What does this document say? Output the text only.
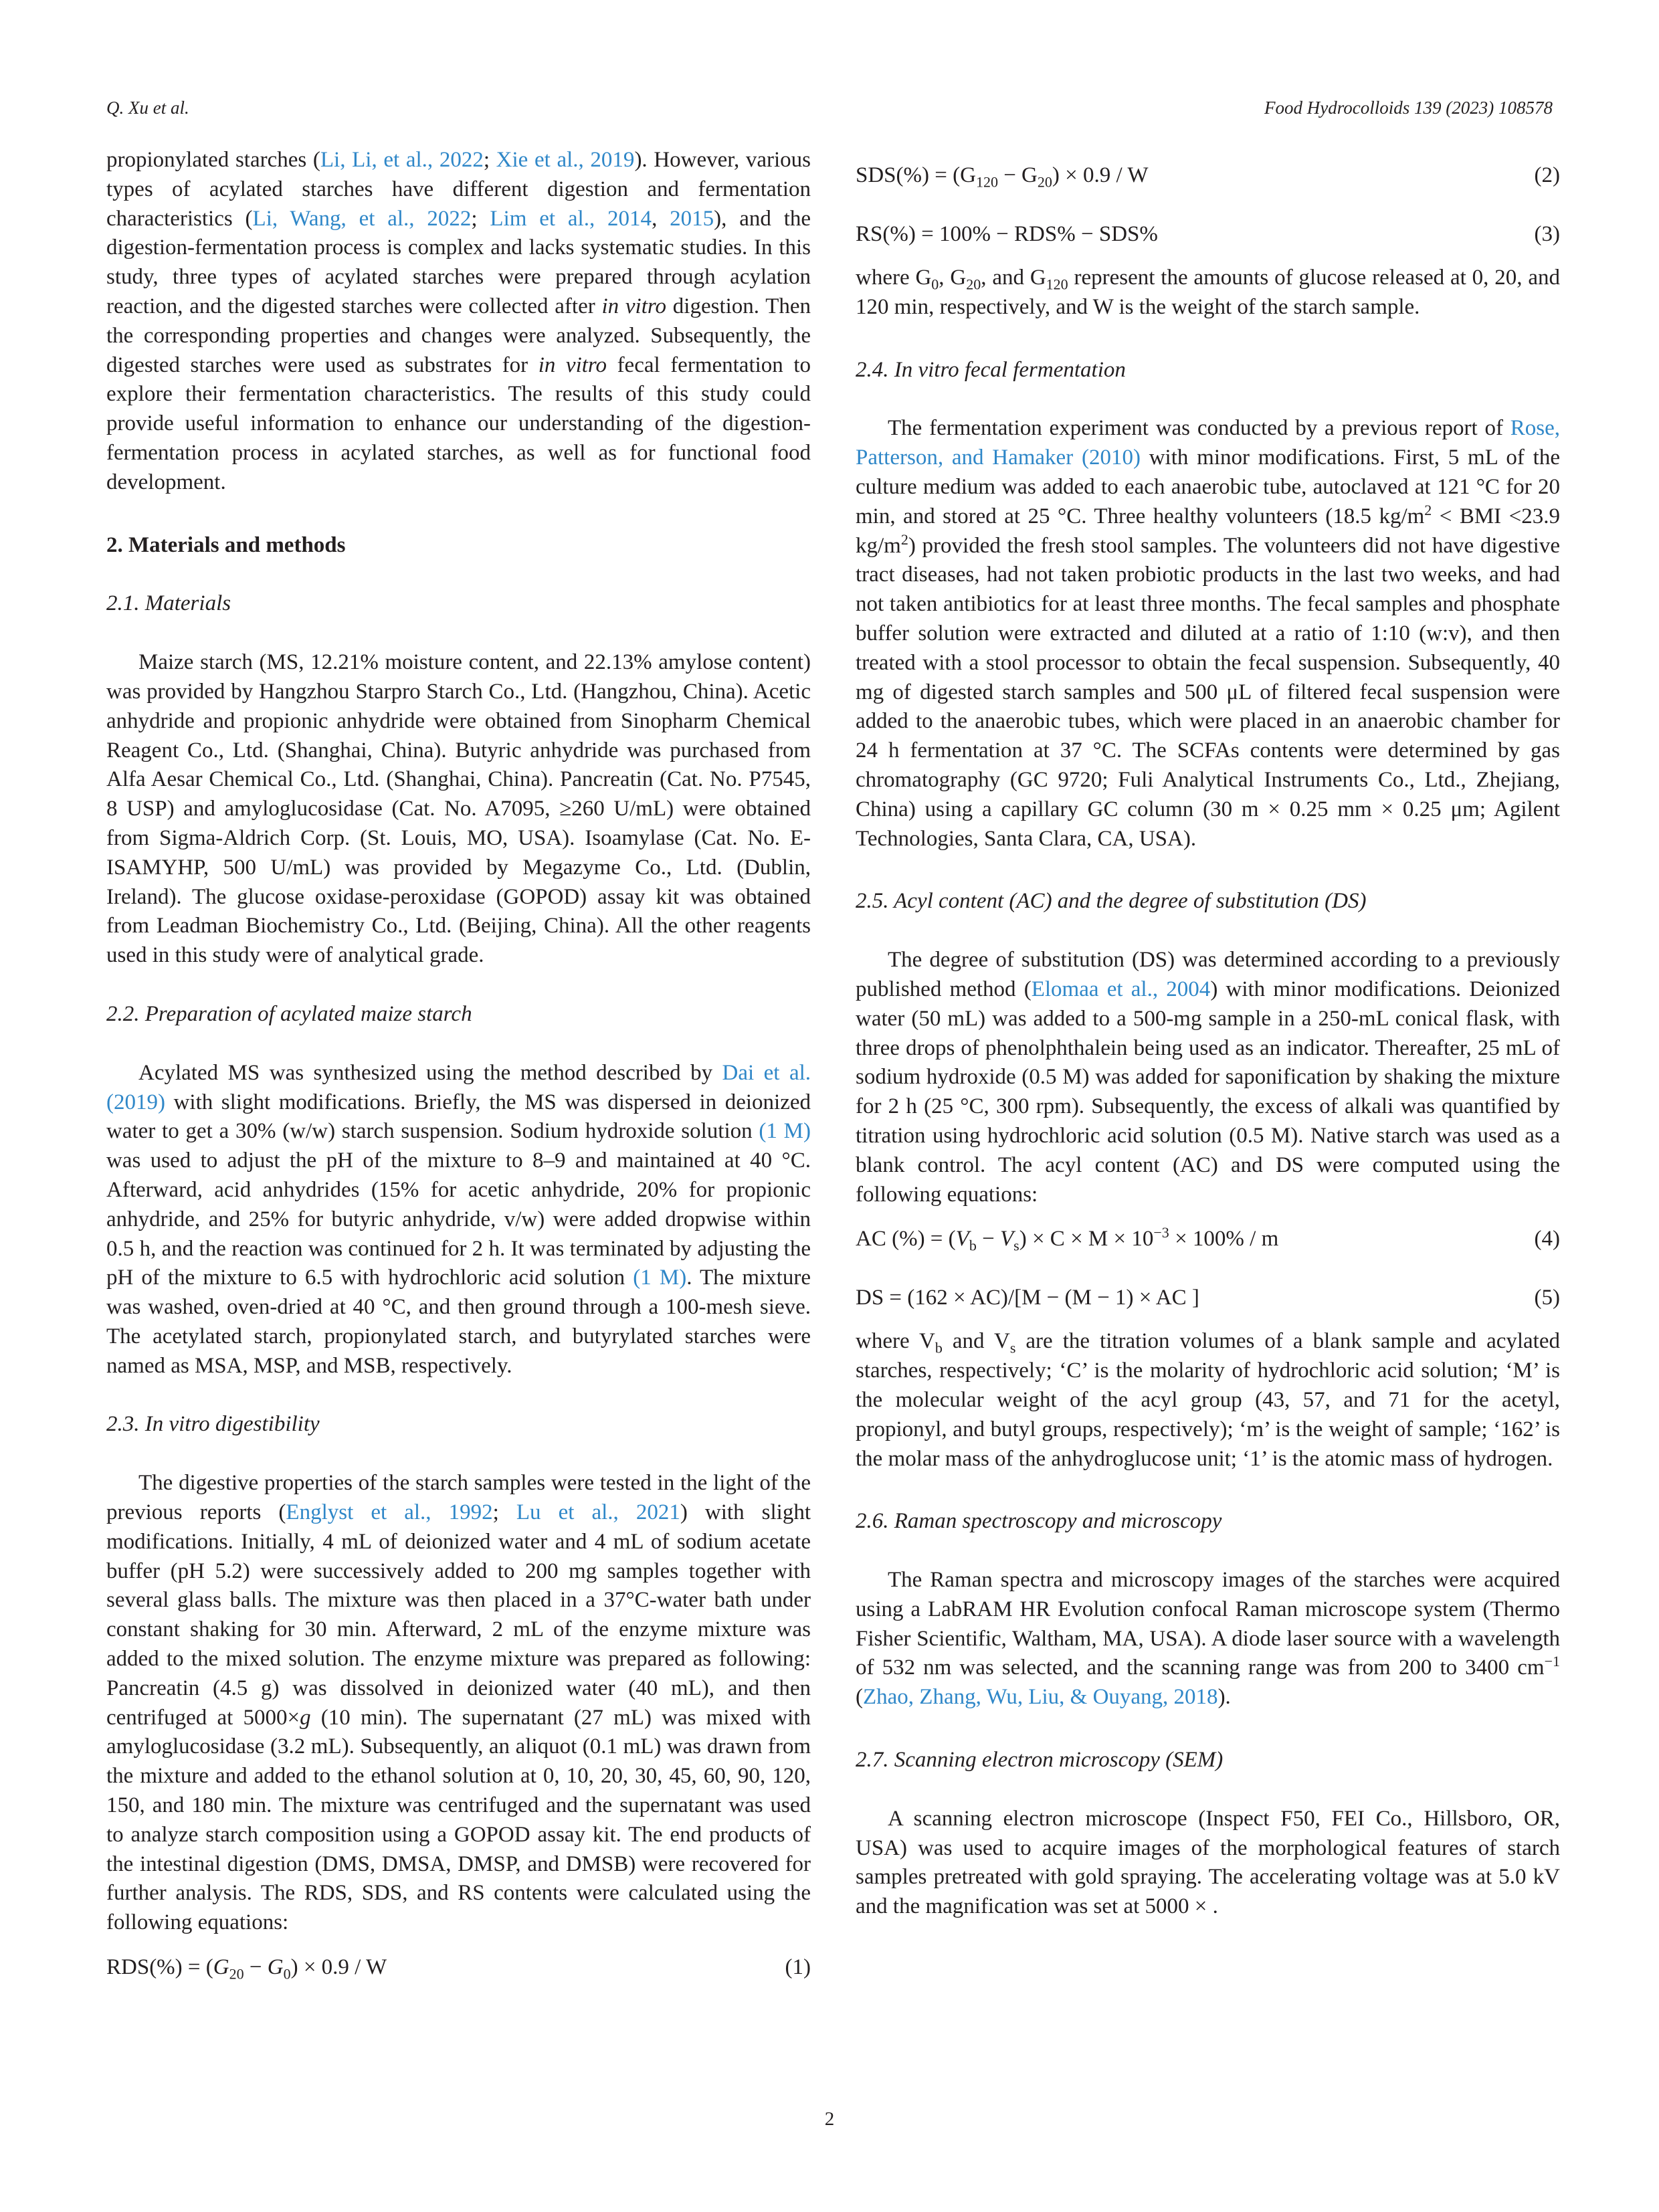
Q. Xu et al.	Food Hydrocolloids 139 (2023) 108578

propionylated starches (Li, Li, et al., 2022; Xie et al., 2019). However, various types of acylated starches have different digestion and fermentation characteristics (Li, Wang, et al., 2022; Lim et al., 2014, 2015), and the digestion-fermentation process is complex and lacks systematic studies. In this study, three types of acylated starches were prepared through acylation reaction, and the digested starches were collected after in vitro digestion. Then the corresponding properties and changes were analyzed. Subsequently, the digested starches were used as substrates for in vitro fecal fermentation to explore their fermentation characteristics. The results of this study could provide useful information to enhance our understanding of the digestion-fermentation process in acylated starches, as well as for functional food development.

2. Materials and methods
2.1. Materials

Maize starch (MS, 12.21% moisture content, and 22.13% amylose content) was provided by Hangzhou Starpro Starch Co., Ltd. (Hangzhou, China). Acetic anhydride and propionic anhydride were obtained from Sinopharm Chemical Reagent Co., Ltd. (Shanghai, China). Butyric anhydride was purchased from Alfa Aesar Chemical Co., Ltd. (Shanghai, China). Pancreatin (Cat. No. P7545, 8 USP) and amyloglucosidase (Cat. No. A7095, ≥260 U/mL) were obtained from Sigma-Aldrich Corp. (St. Louis, MO, USA). Isoamylase (Cat. No. E-ISAMYHP, 500 U/mL) was provided by Megazyme Co., Ltd. (Dublin, Ireland). The glucose oxidase-peroxidase (GOPOD) assay kit was obtained from Leadman Biochemistry Co., Ltd. (Beijing, China). All the other reagents used in this study were of analytical grade.

2.2. Preparation of acylated maize starch

Acylated MS was synthesized using the method described by Dai et al. (2019) with slight modifications. Briefly, the MS was dispersed in deionized water to get a 30% (w/w) starch suspension. Sodium hydroxide solution (1 M) was used to adjust the pH of the mixture to 8–9 and maintained at 40 °C. Afterward, acid anhydrides (15% for acetic anhydride, 20% for propionic anhydride, and 25% for butyric anhydride, v/w) were added dropwise within 0.5 h, and the reaction was continued for 2 h. It was terminated by adjusting the pH of the mixture to 6.5 with hydrochloric acid solution (1 M). The mixture was washed, oven-dried at 40 °C, and then ground through a 100-mesh sieve. The acetylated starch, propionylated starch, and butyrylated starches were named as MSA, MSP, and MSB, respectively.

2.3. In vitro digestibility

The digestive properties of the starch samples were tested in the light of the previous reports (Englyst et al., 1992; Lu et al., 2021) with slight modifications. Initially, 4 mL of deionized water and 4 mL of sodium acetate buffer (pH 5.2) were successively added to 200 mg samples together with several glass balls. The mixture was then placed in a 37°C-water bath under constant shaking for 30 min. Afterward, 2 mL of the enzyme mixture was added to the mixed solution. The enzyme mixture was prepared as following: Pancreatin (4.5 g) was dissolved in deionized water (40 mL), and then centrifuged at 5000×g (10 min). The supernatant (27 mL) was mixed with amyloglucosidase (3.2 mL). Subsequently, an aliquot (0.1 mL) was drawn from the mixture and added to the ethanol solution at 0, 10, 20, 30, 45, 60, 90, 120, 150, and 180 min. The mixture was centrifuged and the supernatant was used to analyze starch composition using a GOPOD assay kit. The end products of the intestinal digestion (DMS, DMSA, DMSP, and DMSB) were recovered for further analysis. The RDS, SDS, and RS contents were calculated using the following equations:

$RDS(\%) = (G_{20} - G_0) \times 0.9 / W$	(1)
$SDS(\%) = (G_{120} - G_{20}) \times 0.9 / W$	(2)
RS(%) = 100% − RDS% − SDS%	(3)

where $G_0$, $G_{20}$, and $G_{120}$ represent the amounts of glucose released at 0, 20, and 120 min, respectively, and W is the weight of the starch sample.

2.4. In vitro fecal fermentation

The fermentation experiment was conducted by a previous report of Rose, Patterson, and Hamaker (2010) with minor modifications. First, 5 mL of the culture medium was added to each anaerobic tube, autoclaved at 121 °C for 20 min, and stored at 25 °C. Three healthy volunteers (18.5 $kg/m^2$ < BMI <23.9 $kg/m^2$) provided the fresh stool samples. The volunteers did not have digestive tract diseases, had not taken probiotic products in the last two weeks, and had not taken antibiotics for at least three months. The fecal samples and phosphate buffer solution were extracted and diluted at a ratio of 1:10 (w:v), and then treated with a stool processor to obtain the fecal suspension. Subsequently, 40 mg of digested starch samples and 500 μL of filtered fecal suspension were added to the anaerobic tubes, which were placed in an anaerobic chamber for 24 h fermentation at 37 °C. The SCFAs contents were determined by gas chromatography (GC 9720; Fuli Analytical Instruments Co., Ltd., Zhejiang, China) using a capillary GC column (30 m × 0.25 mm × 0.25 μm; Agilent Technologies, Santa Clara, CA, USA).

2.5. Acyl content (AC) and the degree of substitution (DS)

The degree of substitution (DS) was determined according to a previously published method (Elomaa et al., 2004) with minor modifications. Deionized water (50 mL) was added to a 500-mg sample in a 250-mL conical flask, with three drops of phenolphthalein being used as an indicator. Thereafter, 25 mL of sodium hydroxide (0.5 M) was added for saponification by shaking the mixture for 2 h (25 °C, 300 rpm). Subsequently, the excess of alkali was quantified by titration using hydrochloric acid solution (0.5 M). Native starch was used as a blank control. The acyl content (AC) and DS were computed using the following equations:

AC (%) = $(V_b - V_s) \times C \times M \times 10^{-3} \times 100\% / m$	(4)
DS = (162 × AC)/[M − (M − 1) × AC ]	(5)

where $V_b$ and $V_s$ are the titration volumes of a blank sample and acylated starches, respectively; ‘C’ is the molarity of hydrochloric acid solution; ‘M’ is the molecular weight of the acyl group (43, 57, and 71 for the acetyl, propionyl, and butyl groups, respectively); ‘m’ is the weight of sample; ‘162’ is the molar mass of the anhydroglucose unit; ‘1’ is the atomic mass of hydrogen.

2.6. Raman spectroscopy and microscopy

The Raman spectra and microscopy images of the starches were acquired using a LabRAM HR Evolution confocal Raman microscope system (Thermo Fisher Scientific, Waltham, MA, USA). A diode laser source with a wavelength of 532 nm was selected, and the scanning range was from 200 to 3400 $cm^{-1}$ (Zhao, Zhang, Wu, Liu, & Ouyang, 2018).

2.7. Scanning electron microscopy (SEM)

A scanning electron microscope (Inspect F50, FEI Co., Hillsboro, OR, USA) was used to acquire images of the morphological features of starch samples pretreated with gold spraying. The accelerating voltage was at 5.0 kV and the magnification was set at 5000 × .

2
